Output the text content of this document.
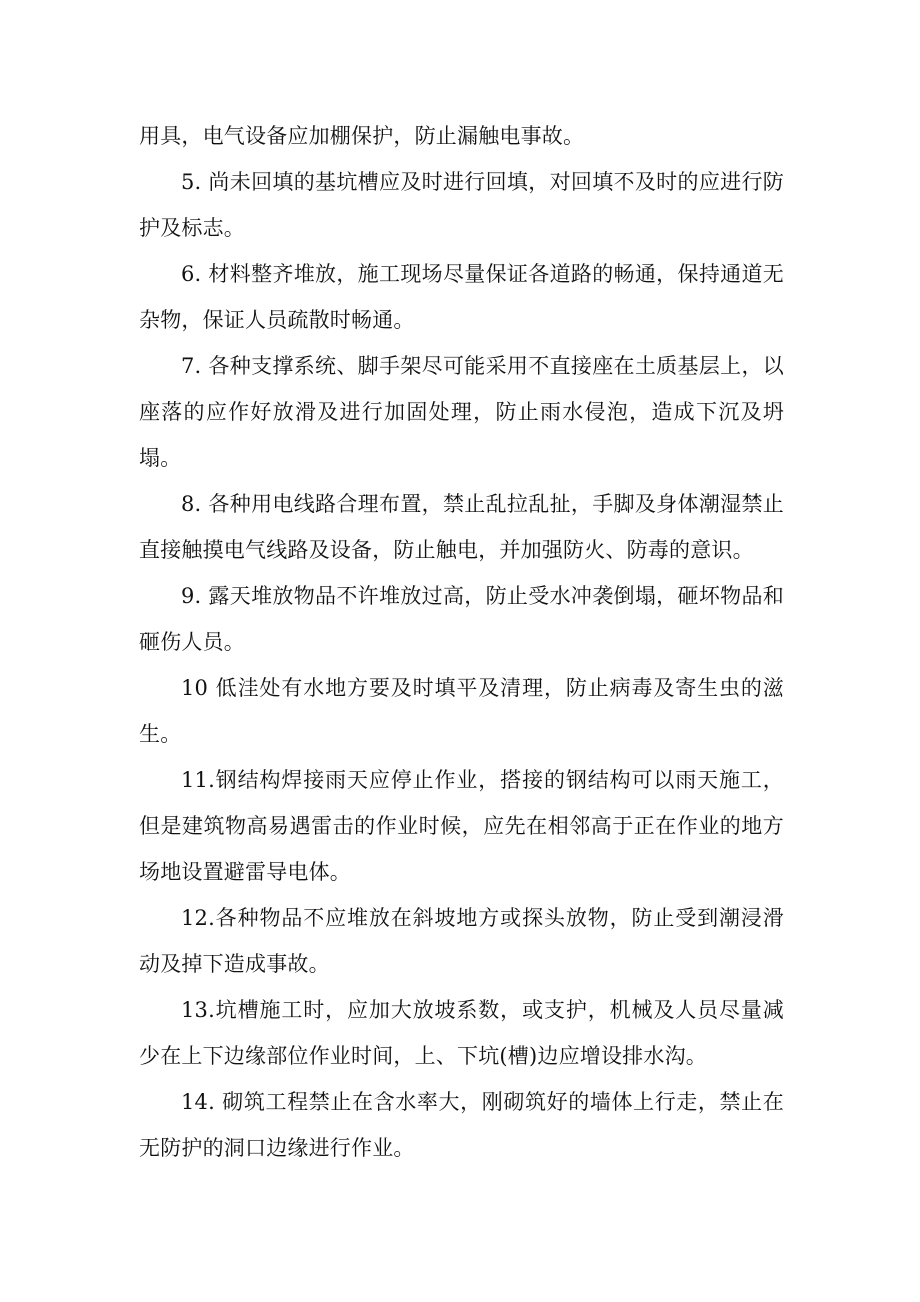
用具，电气设备应加棚保护，防止漏触电事故。

5. 尚未回填的基坑槽应及时进行回填，对回填不及时的应进行防护及标志。

6. 材料整齐堆放，施工现场尽量保证各道路的畅通，保持通道无杂物，保证人员疏散时畅通。

7. 各种支撑系统、脚手架尽可能采用不直接座在土质基层上，以座落的应作好放滑及进行加固处理，防止雨水侵泡，造成下沉及坍塌。

8. 各种用电线路合理布置，禁止乱拉乱扯，手脚及身体潮湿禁止直接触摸电气线路及设备，防止触电，并加强防火、防毒的意识。

9. 露天堆放物品不许堆放过高，防止受水冲袭倒塌，砸坏物品和砸伤人员。

10 低洼处有水地方要及时填平及清理，防止病毒及寄生虫的滋生。

11.钢结构焊接雨天应停止作业，搭接的钢结构可以雨天施工，但是建筑物高易遇雷击的作业时候，应先在相邻高于正在作业的地方场地设置避雷导电体。

12.各种物品不应堆放在斜坡地方或探头放物，防止受到潮浸滑动及掉下造成事故。

13.坑槽施工时，应加大放坡系数，或支护，机械及人员尽量减少在上下边缘部位作业时间，上、下坑(槽)边应增设排水沟。

14. 砌筑工程禁止在含水率大，刚砌筑好的墙体上行走，禁止在无防护的洞口边缘进行作业。
